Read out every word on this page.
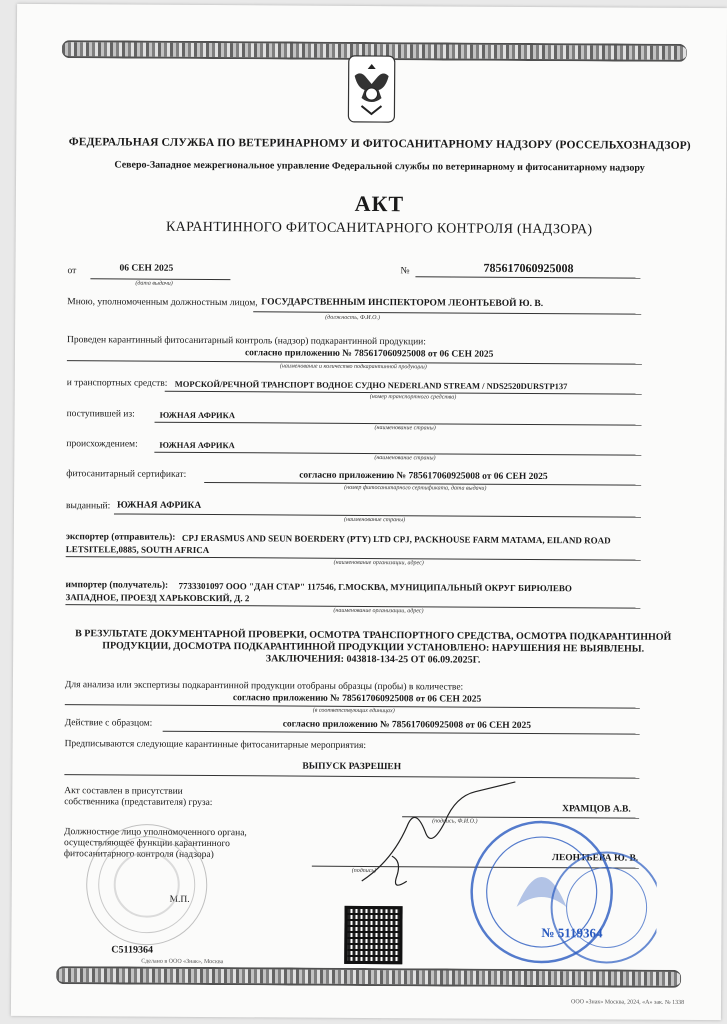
ФЕДЕРАЛЬНАЯ СЛУЖБА ПО ВЕТЕРИНАРНОМУ И ФИТОСАНИТАРНОМУ НАДЗОРУ (РОССЕЛЬХОЗНАДЗОР)
Северо-Западное межрегиональное управление Федеральной службы по ветеринарному и фитосанитарному надзору
АКТ
КАРАНТИННОГО ФИТОСАНИТАРНОГО КОНТРОЛЯ (НАДЗОРА)
от	06 СЕН 2025
(дата выдачи)
№	785617060925008
Мною, уполномоченным должностным лицом, ГОСУДАРСТВЕННЫМ ИНСПЕКТОРОМ ЛЕОНТЬЕВОЙ Ю. В.
(должность, Ф.И.О.)
Проведен карантинный фитосанитарный контроль (надзор) подкарантинной продукции:
согласно приложению № 785617060925008 от 06 СЕН 2025
(наименование и количество подкарантинной продукции)
и транспортных средств: МОРСКОЙ/РЕЧНОЙ ТРАНСПОРТ ВОДНОЕ СУДНО NEDERLAND STREAM / NDS2520DURSTP137
(номер транспортного средства)
поступившей из:	ЮЖНАЯ АФРИКА
(наименование страны)
происхождением:	ЮЖНАЯ АФРИКА
(наименование страны)
фитосанитарный сертификат:	согласно приложению № 785617060925008 от 06 СЕН 2025
(номер фитосанитарного сертификата, дата выдачи)
выданный: ЮЖНАЯ АФРИКА
(наименование страны)
экспортер (отправитель): CPJ ERASMUS AND SEUN BOERDERY (PTY) LTD CPJ, PACKHOUSE FARM MATAMA, EILAND ROAD
LETSITELE,0885, SOUTH AFRICA
(наименование организации, адрес)
импортер (получатель): 7733301097 ООО "ДАН СТАР" 117546, Г.МОСКВА, МУНИЦИПАЛЬНЫЙ ОКРУГ БИРЮЛЕВО
ЗАПАДНОЕ, ПРОЕЗД ХАРЬКОВСКИЙ, Д. 2
(наименование организации, адрес)
В РЕЗУЛЬТАТЕ ДОКУМЕНТАРНОЙ ПРОВЕРКИ, ОСМОТРА ТРАНСПОРТНОГО СРЕДСТВА, ОСМОТРА ПОДКАРАНТИННОЙ
ПРОДУКЦИИ, ДОСМОТРА ПОДКАРАНТИННОЙ ПРОДУКЦИИ УСТАНОВЛЕНО: НАРУШЕНИЯ НЕ ВЫЯВЛЕНЫ.
ЗАКЛЮЧЕНИЯ: 043818-134-25 ОТ 06.09.2025Г.
Для анализа или экспертизы подкарантинной продукции отобраны образцы (пробы) в количестве:
согласно приложению № 785617060925008 от 06 СЕН 2025
(в соответствующих единицах)
Действие с образцом:	согласно приложению № 785617060925008 от 06 СЕН 2025
Предписываются следующие карантинные фитосанитарные мероприятия:
ВЫПУСК РАЗРЕШЕН
Акт составлен в присутствии
собственника (представителя) груза:
ХРАМЦОВ А.В.
(подпись, Ф.И.О.)
Должностное лицо уполномоченного органа,
осуществляющее функции карантинного
фитосанитарного контроля (надзора)	ЛЕОНТЬЕВА Ю. В.
(подпись)
М.П.
С5119364
№ 5119364
Сделано в ООО «Знак», Москва
ООО «Знак» Москва, 2024, «А» зак. № 1338
